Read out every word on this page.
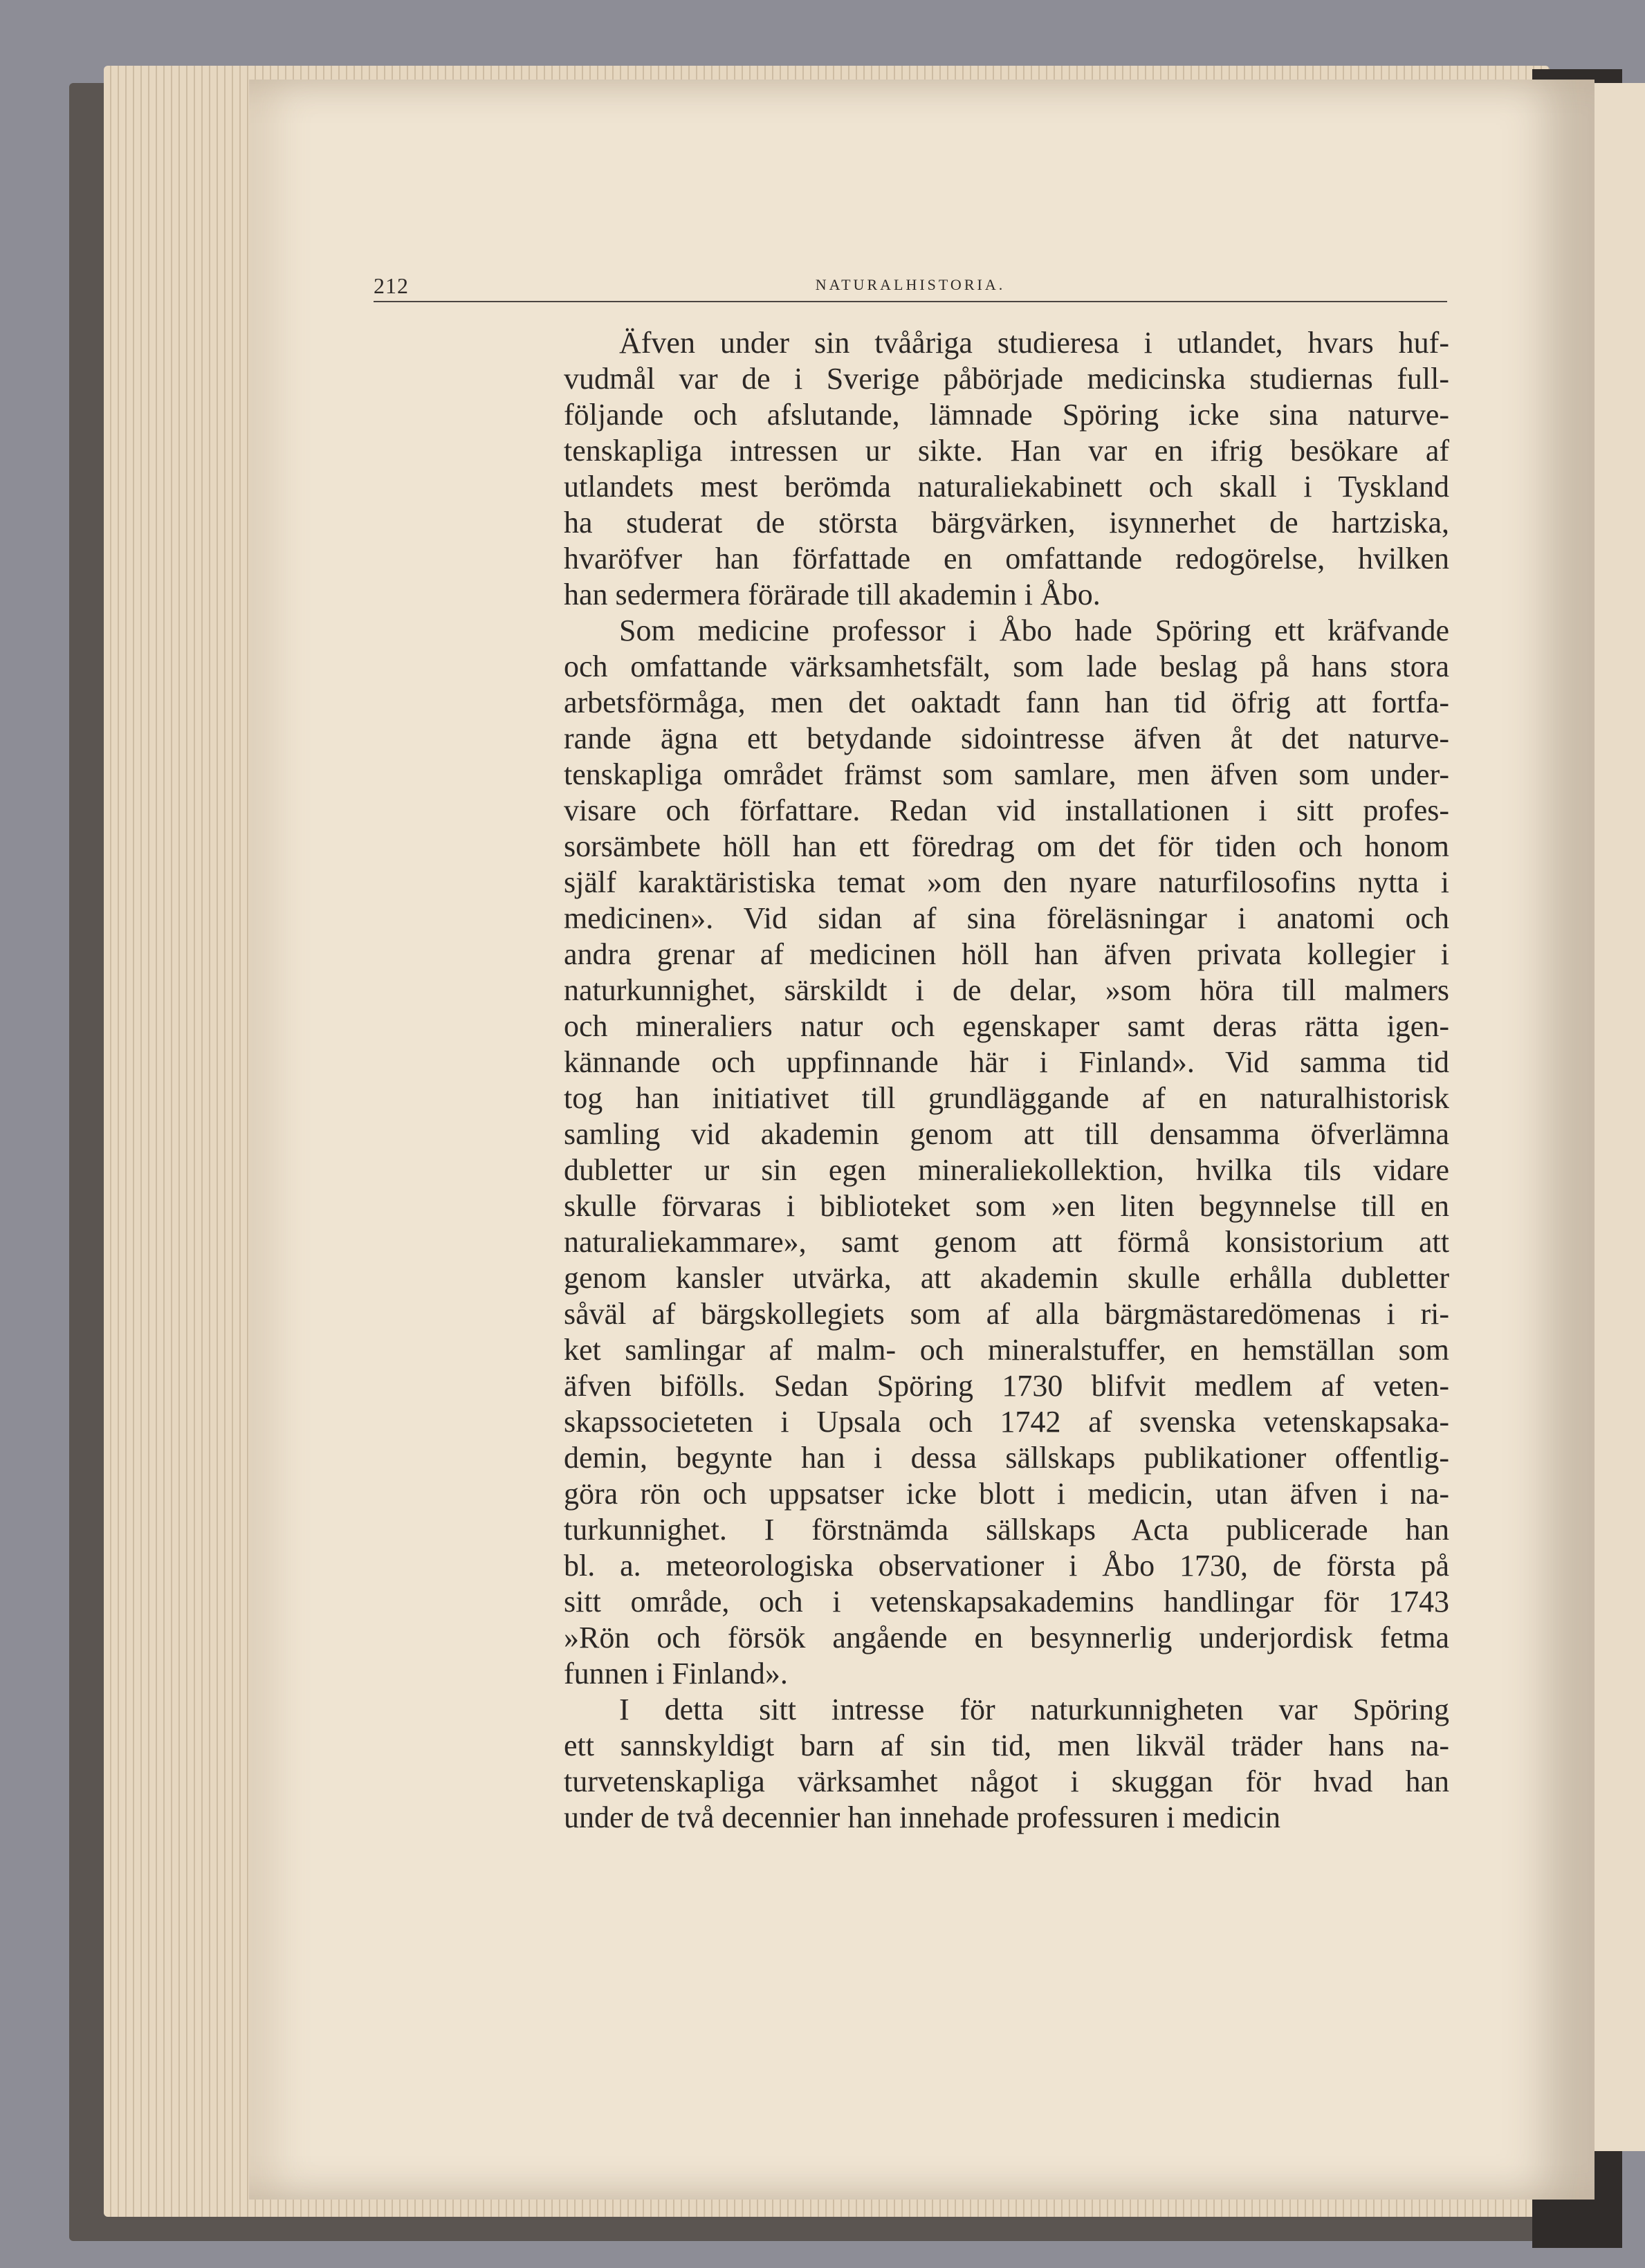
212	NATURALHISTORIA.

Äfven under sin tvååriga studieresa i utlandet, hvars huf-
vudmål var de i Sverige påbörjade medicinska studiernas full-
följande och afslutande, lämnade Spöring icke sina naturve-
tenskapliga intressen ur sikte. Han var en ifrig besökare af
utlandets mest berömda naturaliekabinett och skall i Tyskland
ha studerat de största bärgvärken, isynnerhet de hartziska,
hvaröfver han författade en omfattande redogörelse, hvilken
han sedermera förärade till akademin i Åbo.

Som medicine professor i Åbo hade Spöring ett kräfvande
och omfattande värksamhetsfält, som lade beslag på hans stora
arbetsförmåga, men det oaktadt fann han tid öfrig att fortfa-
rande ägna ett betydande sidointresse äfven åt det naturve-
tenskapliga området främst som samlare, men äfven som under-
visare och författare. Redan vid installationen i sitt profes-
sorsämbete höll han ett föredrag om det för tiden och honom
själf karaktäristiska temat »om den nyare naturfilosofins nytta i
medicinen». Vid sidan af sina föreläsningar i anatomi och
andra grenar af medicinen höll han äfven privata kollegier i
naturkunnighet, särskildt i de delar, »som höra till malmers
och mineraliers natur och egenskaper samt deras rätta igen-
kännande och uppfinnande här i Finland». Vid samma tid
tog han initiativet till grundläggande af en naturalhistorisk
samling vid akademin genom att till densamma öfverlämna
dubletter ur sin egen mineraliekollektion, hvilka tils vidare
skulle förvaras i biblioteket som »en liten begynnelse till en
naturaliekammare», samt genom att förmå konsistorium att
genom kansler utvärka, att akademin skulle erhålla dubletter
såväl af bärgskollegiets som af alla bärgmästaredömenas i ri-
ket samlingar af malm- och mineralstuffer, en hemställan som
äfven bifölls. Sedan Spöring 1730 blifvit medlem af veten-
skapssocieteten i Upsala och 1742 af svenska vetenskapsaka-
demin, begynte han i dessa sällskaps publikationer offentlig-
göra rön och uppsatser icke blott i medicin, utan äfven i na-
turkunnighet. I förstnämda sällskaps Acta publicerade han
bl. a. meteorologiska observationer i Åbo 1730, de första på
sitt område, och i vetenskapsakademins handlingar för 1743
»Rön och försök angående en besynnerlig underjordisk fetma
funnen i Finland».

I detta sitt intresse för naturkunnigheten var Spöring
ett sannskyldigt barn af sin tid, men likväl träder hans na-
turvetenskapliga värksamhet något i skuggan för hvad han
under de två decennier han innehade professuren i medicin
